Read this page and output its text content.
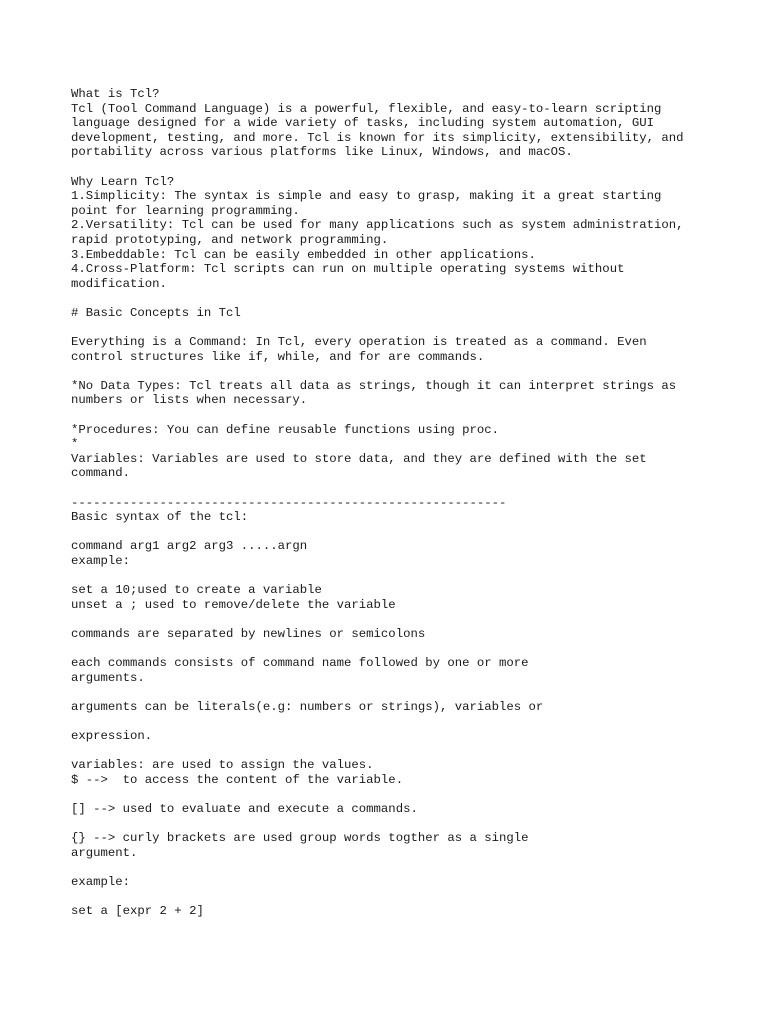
What is Tcl?
Tcl (Tool Command Language) is a powerful, flexible, and easy-to-learn scripting
language designed for a wide variety of tasks, including system automation, GUI
development, testing, and more. Tcl is known for its simplicity, extensibility, and
portability across various platforms like Linux, Windows, and macOS.
Why Learn Tcl?
1.Simplicity: The syntax is simple and easy to grasp, making it a great starting
point for learning programming.
2.Versatility: Tcl can be used for many applications such as system administration,
rapid prototyping, and network programming.
3.Embeddable: Tcl can be easily embedded in other applications.
4.Cross-Platform: Tcl scripts can run on multiple operating systems without
modification.
# Basic Concepts in Tcl
Everything is a Command: In Tcl, every operation is treated as a command. Even
control structures like if, while, and for are commands.
*No Data Types: Tcl treats all data as strings, though it can interpret strings as
numbers or lists when necessary.
*Procedures: You can define reusable functions using proc.
*
Variables: Variables are used to store data, and they are defined with the set
command.
-----------------------------------------------------------
Basic syntax of the tcl:
command arg1 arg2 arg3 .....argn
example:
set a 10;used to create a variable
unset a ; used to remove/delete the variable
commands are separated by newlines or semicolons
each commands consists of command name followed by one or more
arguments.
arguments can be literals(e.g: numbers or strings), variables or
expression.
variables: are used to assign the values.
$ -->  to access the content of the variable.
[] --> used to evaluate and execute a commands.
{} --> curly brackets are used group words togther as a single
argument.
example:
set a [expr 2 + 2]
